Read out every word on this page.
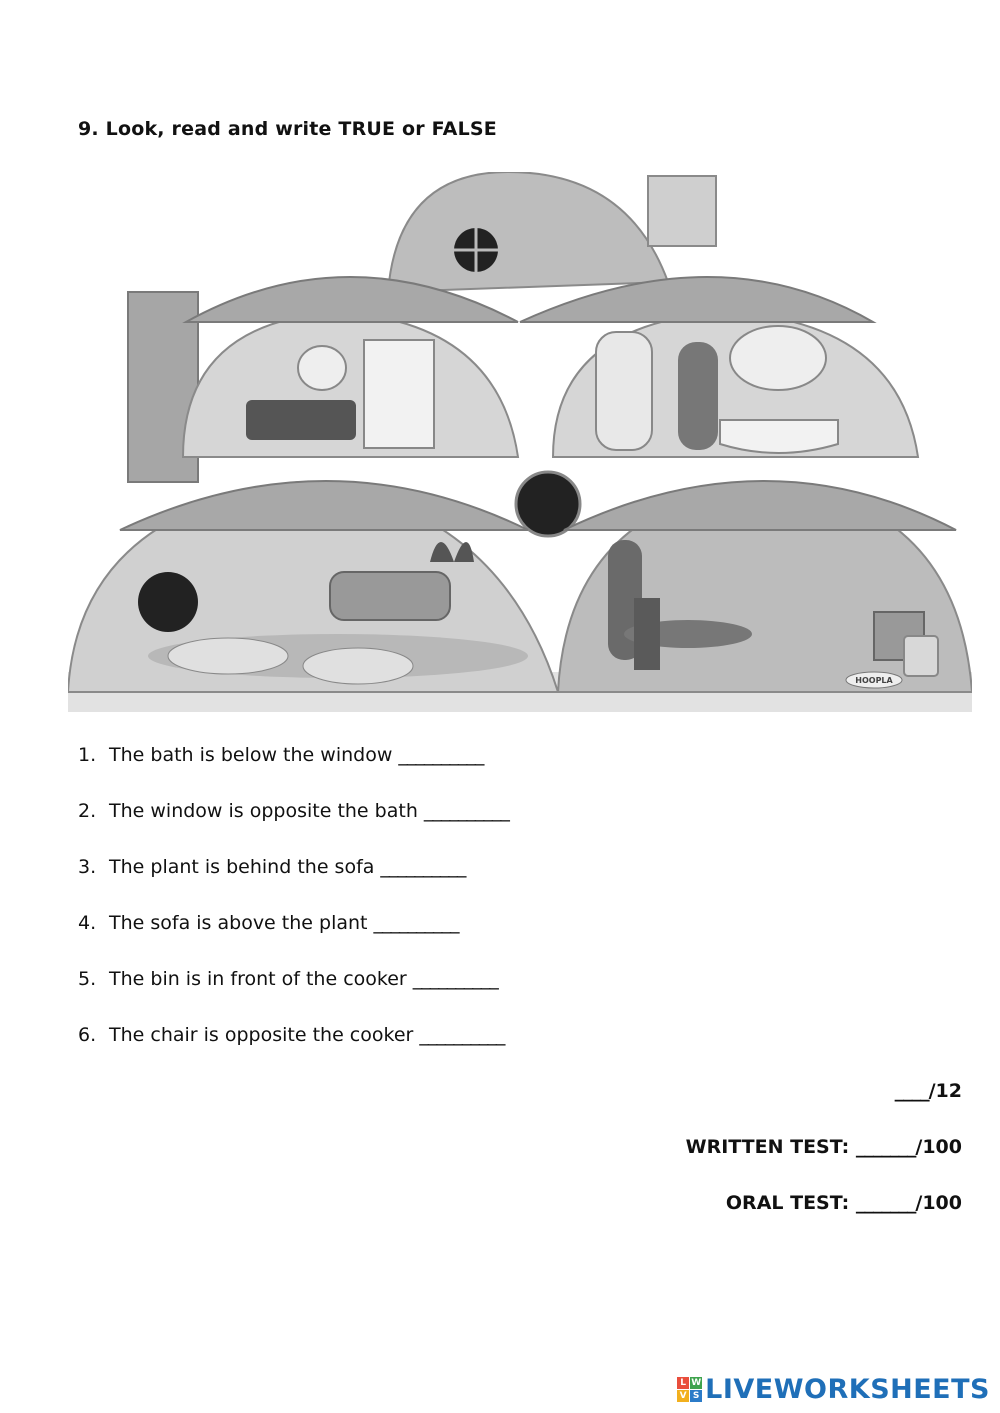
9. Look, read and write TRUE or FALSE
HOOPLA
1. The bath is below the window __________
2. The window is opposite the bath __________
3. The plant is behind the sofa __________
4. The sofa is above the plant __________
5. The bin is in front of the cooker __________
6. The chair is opposite the cooker __________
____/12
WRITTEN TEST: _______/100
ORAL TEST: _______/100
L W
V S LIVEWORKSHEETS
